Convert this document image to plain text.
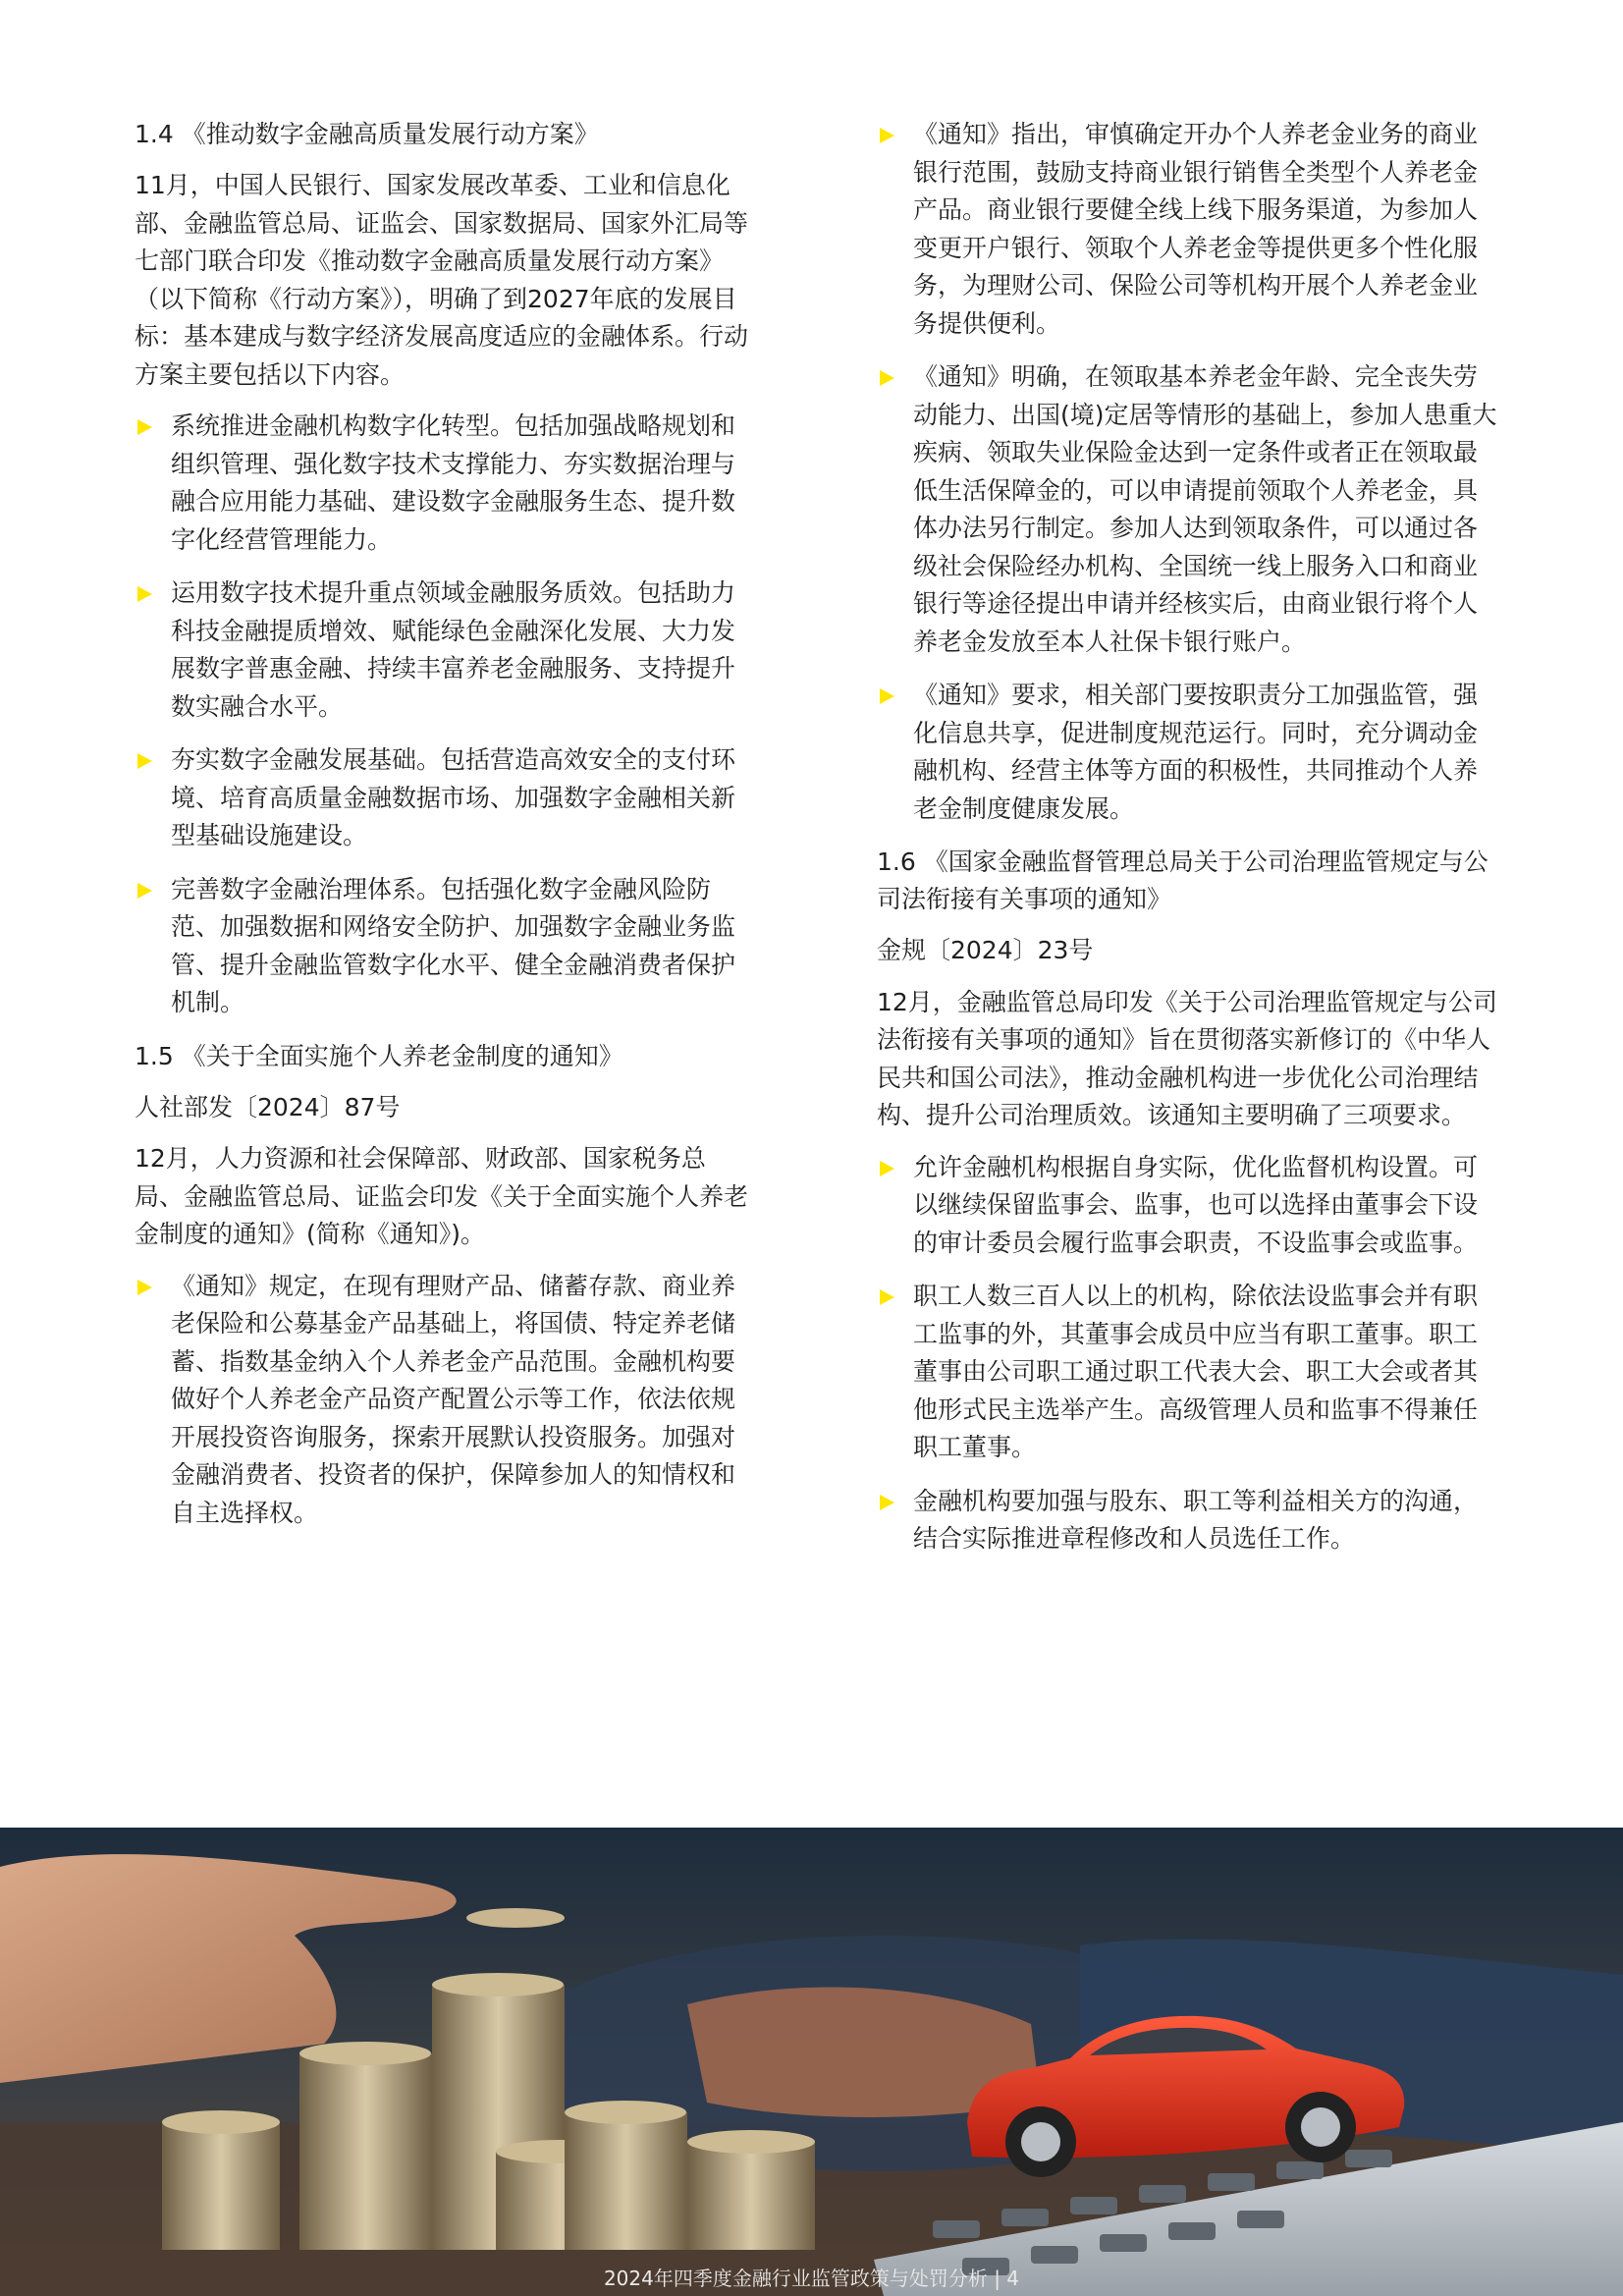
1.4 《推动数字金融高质量发展行动方案》
11月，中国人民银行、国家发展改革委、工业和信息化部、金融监管总局、证监会、国家数据局、国家外汇局等七部门联合印发《推动数字金融高质量发展行动方案》（以下简称《行动方案》），明确了到2027年底的发展目标：基本建成与数字经济发展高度适应的金融体系。行动方案主要包括以下内容。
系统推进金融机构数字化转型。包括加强战略规划和组织管理、强化数字技术支撑能力、夯实数据治理与融合应用能力基础、建设数字金融服务生态、提升数字化经营管理能力。
运用数字技术提升重点领域金融服务质效。包括助力科技金融提质增效、赋能绿色金融深化发展、大力发展数字普惠金融、持续丰富养老金融服务、支持提升数实融合水平。
夯实数字金融发展基础。包括营造高效安全的支付环境、培育高质量金融数据市场、加强数字金融相关新型基础设施建设。
完善数字金融治理体系。包括强化数字金融风险防范、加强数据和网络安全防护、加强数字金融业务监管、提升金融监管数字化水平、健全金融消费者保护机制。
1.5 《关于全面实施个人养老金制度的通知》
人社部发〔2024〕87号
12月，人力资源和社会保障部、财政部、国家税务总局、金融监管总局、证监会印发《关于全面实施个人养老金制度的通知》(简称《通知》)。
《通知》规定，在现有理财产品、储蓄存款、商业养老保险和公募基金产品基础上，将国债、特定养老储蓄、指数基金纳入个人养老金产品范围。金融机构要做好个人养老金产品资产配置公示等工作，依法依规开展投资咨询服务，探索开展默认投资服务。加强对金融消费者、投资者的保护，保障参加人的知情权和自主选择权。
《通知》指出，审慎确定开办个人养老金业务的商业银行范围，鼓励支持商业银行销售全类型个人养老金产品。商业银行要健全线上线下服务渠道，为参加人变更开户银行、领取个人养老金等提供更多个性化服务，为理财公司、保险公司等机构开展个人养老金业务提供便利。
《通知》明确，在领取基本养老金年龄、完全丧失劳动能力、出国(境)定居等情形的基础上，参加人患重大疾病、领取失业保险金达到一定条件或者正在领取最低生活保障金的，可以申请提前领取个人养老金，具体办法另行制定。参加人达到领取条件，可以通过各级社会保险经办机构、全国统一线上服务入口和商业银行等途径提出申请并经核实后，由商业银行将个人养老金发放至本人社保卡银行账户。
《通知》要求，相关部门要按职责分工加强监管，强化信息共享，促进制度规范运行。同时，充分调动金融机构、经营主体等方面的积极性，共同推动个人养老金制度健康发展。
1.6 《国家金融监督管理总局关于公司治理监管规定与公司法衔接有关事项的通知》
金规〔2024〕23号
12月，金融监管总局印发《关于公司治理监管规定与公司法衔接有关事项的通知》旨在贯彻落实新修订的《中华人民共和国公司法》，推动金融机构进一步优化公司治理结构、提升公司治理质效。该通知主要明确了三项要求。
允许金融机构根据自身实际，优化监督机构设置。可以继续保留监事会、监事，也可以选择由董事会下设的审计委员会履行监事会职责，不设监事会或监事。
职工人数三百人以上的机构，除依法设监事会并有职工监事的外，其董事会成员中应当有职工董事。职工董事由公司职工通过职工代表大会、职工大会或者其他形式民主选举产生。高级管理人员和监事不得兼任职工董事。
金融机构要加强与股东、职工等利益相关方的沟通，结合实际推进章程修改和人员选任工作。
2024年四季度金融行业监管政策与处罚分析 | 4
